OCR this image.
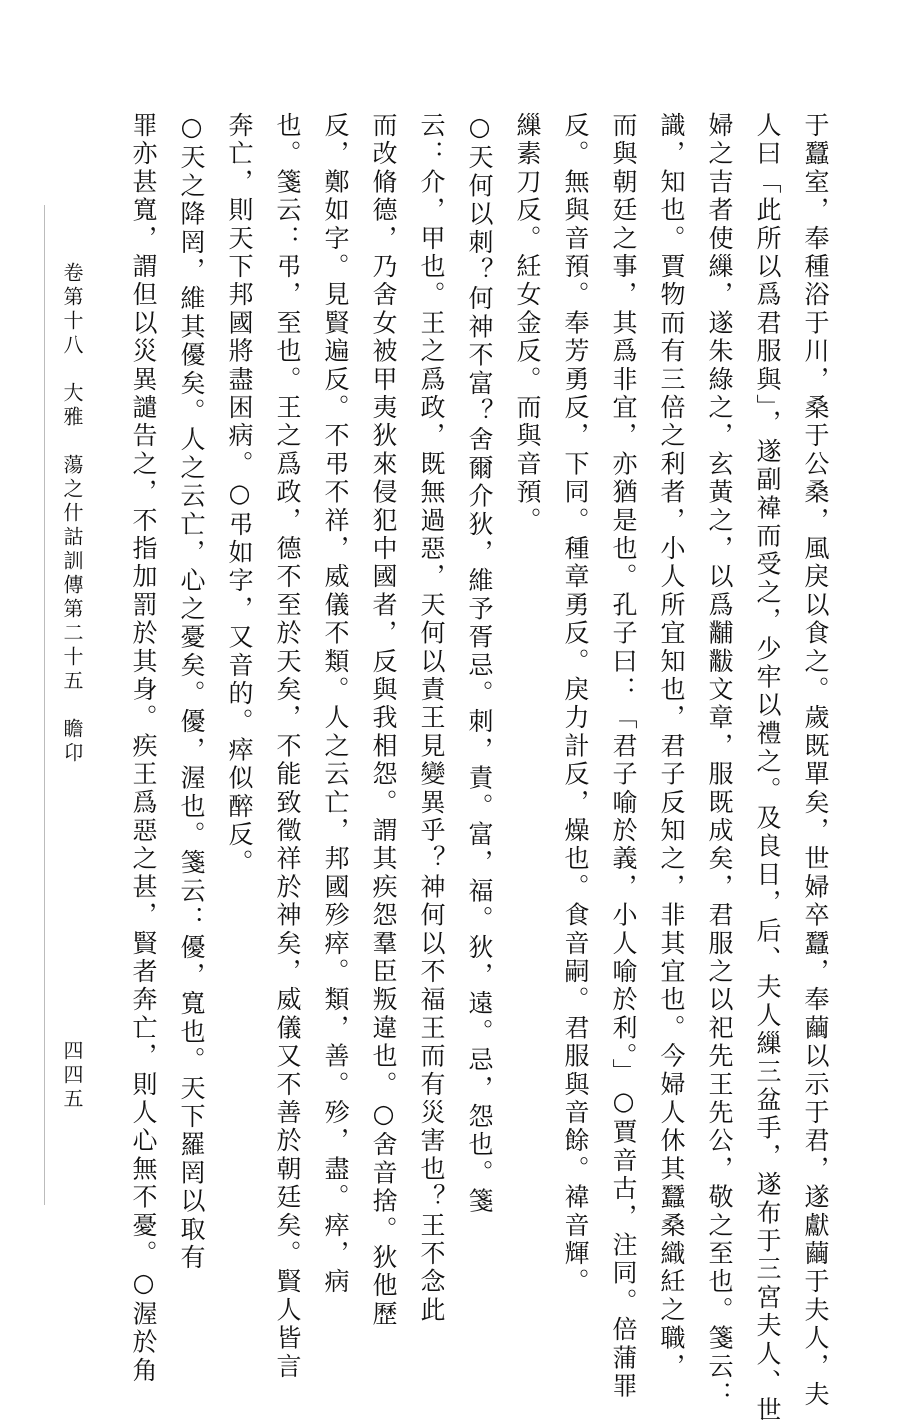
于蠶室，奉種浴于川，桑于公桑，風戾以食之。歲既單矣，世婦卒蠶，奉繭以示于君，遂獻繭于夫人，夫
人曰「此所以爲君服與」，遂副褘而受之，少牢以禮之。及良日，后、夫人繅三盆手，遂布于三宮夫人、世
婦之吉者使繅，遂朱綠之，玄黃之，以爲黼黻文章，服既成矣，君服之以祀先王先公，敬之至也。箋云：
識，知也。賈物而有三倍之利者，小人所宜知也，君子反知之，非其宜也。今婦人休其蠶桑織紝之職，
而與朝廷之事，其爲非宜，亦猶是也。孔子曰：「君子喻於義，小人喻於利。」○賈音古，注同。倍蒲罪
反。無與音預。奉芳勇反，下同。種章勇反。戾力計反，燥也。食音嗣。君服與音餘。褘音輝。
繅素刀反。紝女金反。而與音預。
○天何以刺？何神不富？舍爾介狄，維予胥忌。刺，責。富，福。狄，遠。忌，怨也。箋
云：介，甲也。王之爲政，既無過惡，天何以責王見變異乎？神何以不福王而有災害也？王不念此
而改脩德，乃舍女被甲夷狄來侵犯中國者，反與我相怨。謂其疾怨羣臣叛違也。○舍音捨。狄他歷
反，鄭如字。見賢遍反。不弔不祥，威儀不類。人之云亡，邦國殄瘁。類，善。殄，盡。瘁，病
也。箋云：弔，至也。王之爲政，德不至於天矣，不能致徵祥於神矣，威儀又不善於朝廷矣。賢人皆言
奔亡，則天下邦國將盡困病。○弔如字，又音的。瘁似醉反。
○天之降罔，維其優矣。人之云亡，心之憂矣。優，渥也。箋云：優，寬也。天下羅罔以取有
罪亦甚寬，謂但以災異譴告之，不指加罰於其身。疾王爲惡之甚，賢者奔亡，則人心無不憂。○渥於角
卷第十八　大雅　蕩之什詁訓傳第二十五　瞻卬
四四五
